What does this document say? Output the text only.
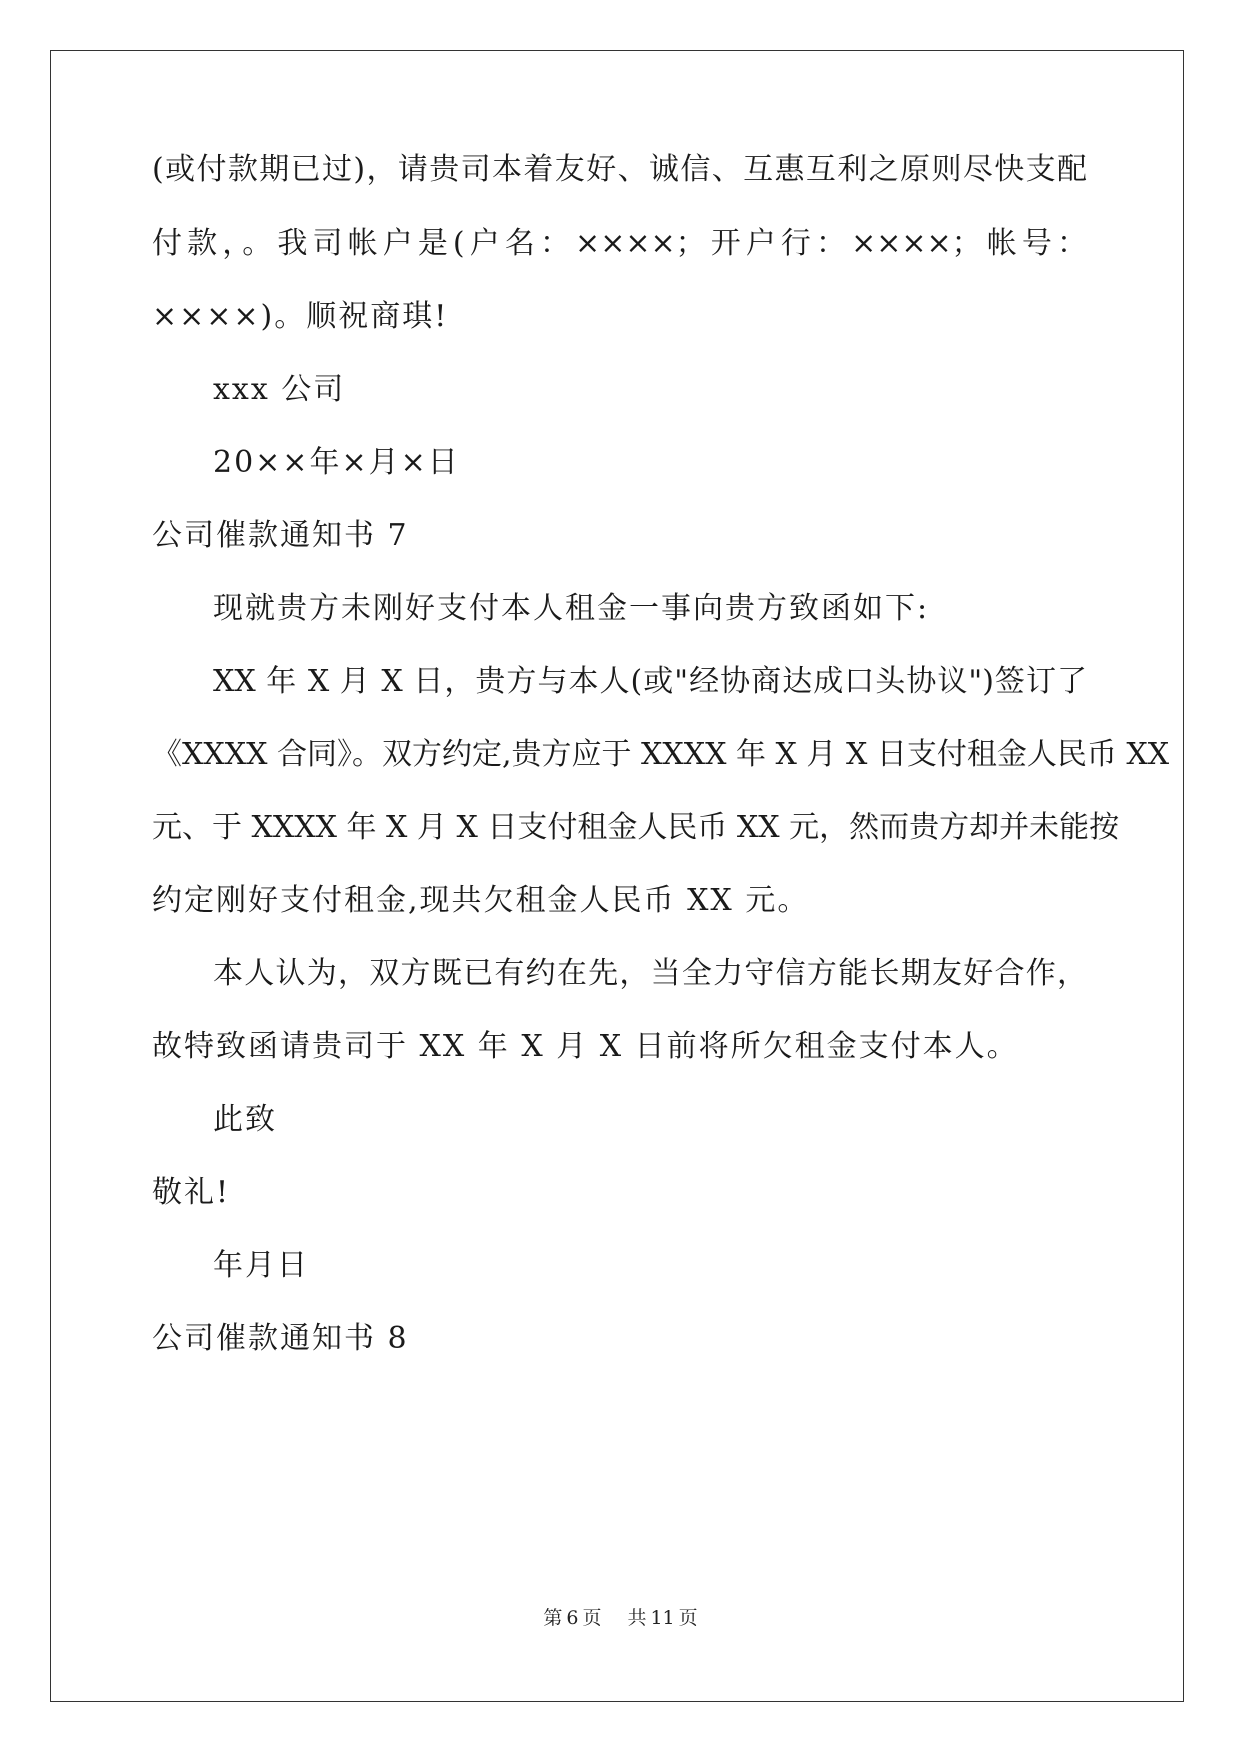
(或付款期已过)，请贵司本着友好、诚信、互惠互利之原则尽快支配
付款，。我司帐户是(户名：××××；开户行：××××；帐号：
××××)。顺祝商琪!
xxx 公司
20××年×月×日
公司催款通知书 7
现就贵方未刚好支付本人租金一事向贵方致函如下:
XX 年 X 月 X 日，贵方与本人(或"经协商达成口头协议")签订了
《XXXX 合同》。双方约定,贵方应于 XXXX 年 X 月 X 日支付租金人民币 XX
元、于 XXXX 年 X 月 X 日支付租金人民币 XX 元，然而贵方却并未能按
约定刚好支付租金,现共欠租金人民币 XX 元。
本人认为，双方既已有约在先，当全力守信方能长期友好合作，
故特致函请贵司于 XX 年 X 月 X 日前将所欠租金支付本人。
此致
敬礼!
年月日
公司催款通知书 8
第 6 页 共 11 页
